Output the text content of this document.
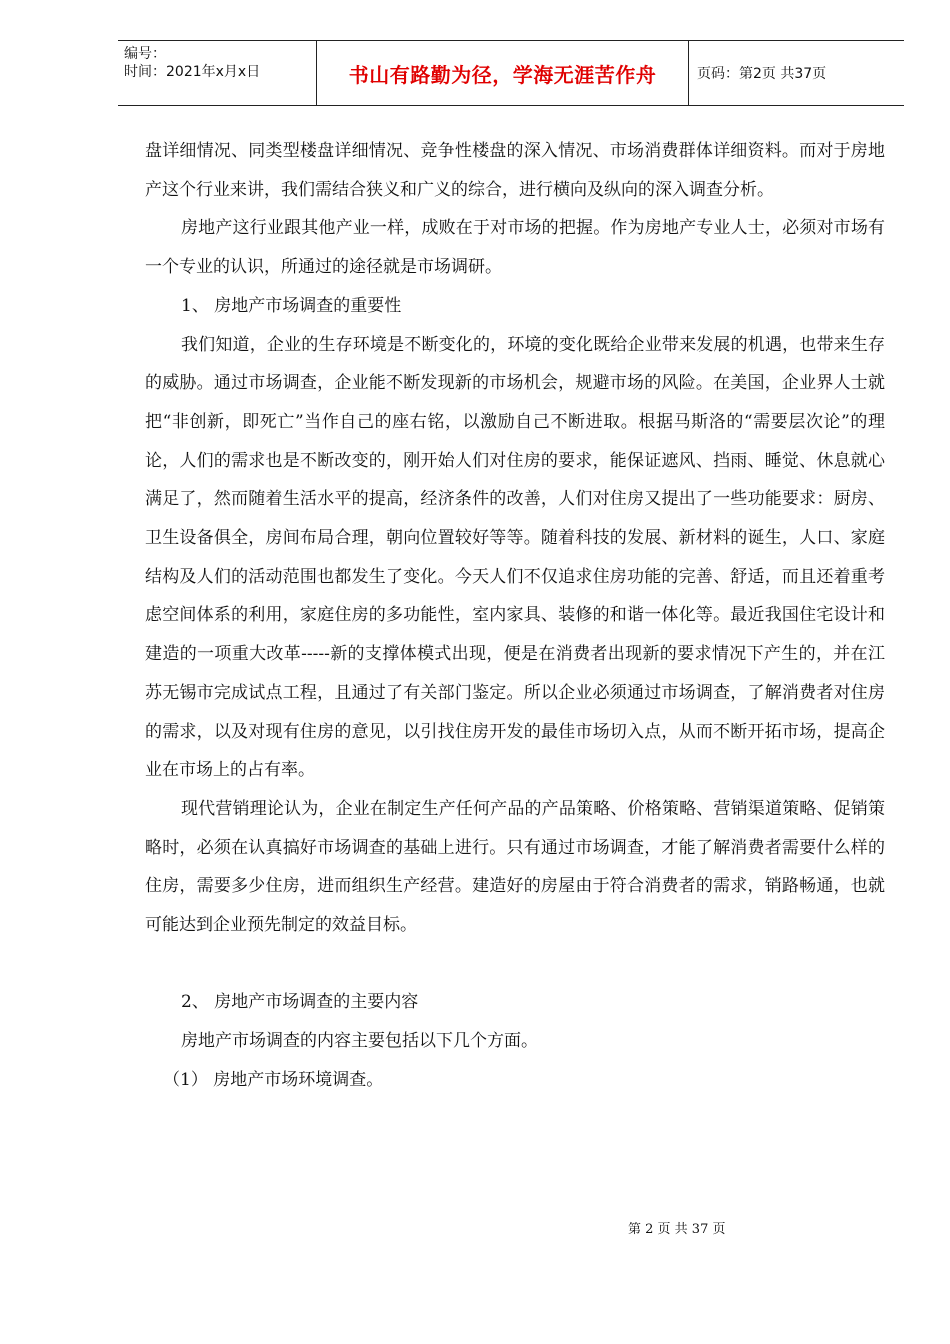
编号：
时间：2021年x月x日	书山有路勤为径，学海无涯苦作舟	页码：第2页 共37页

盘详细情况、同类型楼盘详细情况、竞争性楼盘的深入情况、市场消费群体详细资料。而对于房地产这个行业来讲，我们需结合狭义和广义的综合，进行横向及纵向的深入调查分析。

房地产这行业跟其他产业一样，成败在于对市场的把握。作为房地产专业人士，必须对市场有一个专业的认识，所通过的途径就是市场调研。

1、 房地产市场调查的重要性

我们知道，企业的生存环境是不断变化的，环境的变化既给企业带来发展的机遇，也带来生存的威胁。通过市场调查，企业能不断发现新的市场机会，规避市场的风险。在美国，企业界人士就把“非创新，即死亡”当作自己的座右铭，以激励自己不断进取。根据马斯洛的“需要层次论”的理论，人们的需求也是不断改变的，刚开始人们对住房的要求，能保证遮风、挡雨、睡觉、休息就心满足了，然而随着生活水平的提高，经济条件的改善，人们对住房又提出了一些功能要求：厨房、卫生设备俱全，房间布局合理，朝向位置较好等等。随着科技的发展、新材料的诞生，人口、家庭结构及人们的活动范围也都发生了变化。今天人们不仅追求住房功能的完善、舒适，而且还着重考虑空间体系的利用，家庭住房的多功能性，室内家具、装修的和谐一体化等。最近我国住宅设计和建造的一项重大改革-----新的支撑体模式出现，便是在消费者出现新的要求情况下产生的，并在江苏无锡市完成试点工程，且通过了有关部门鉴定。所以企业必须通过市场调查，了解消费者对住房的需求，以及对现有住房的意见，以引找住房开发的最佳市场切入点，从而不断开拓市场，提高企业在市场上的占有率。

现代营销理论认为，企业在制定生产任何产品的产品策略、价格策略、营销渠道策略、促销策略时，必须在认真搞好市场调查的基础上进行。只有通过市场调查，才能了解消费者需要什么样的住房，需要多少住房，进而组织生产经营。建造好的房屋由于符合消费者的需求，销路畅通，也就可能达到企业预先制定的效益目标。

2、 房地产市场调查的主要内容

房地产市场调查的内容主要包括以下几个方面。

（1） 房地产市场环境调查。

第 2 页 共 37 页
